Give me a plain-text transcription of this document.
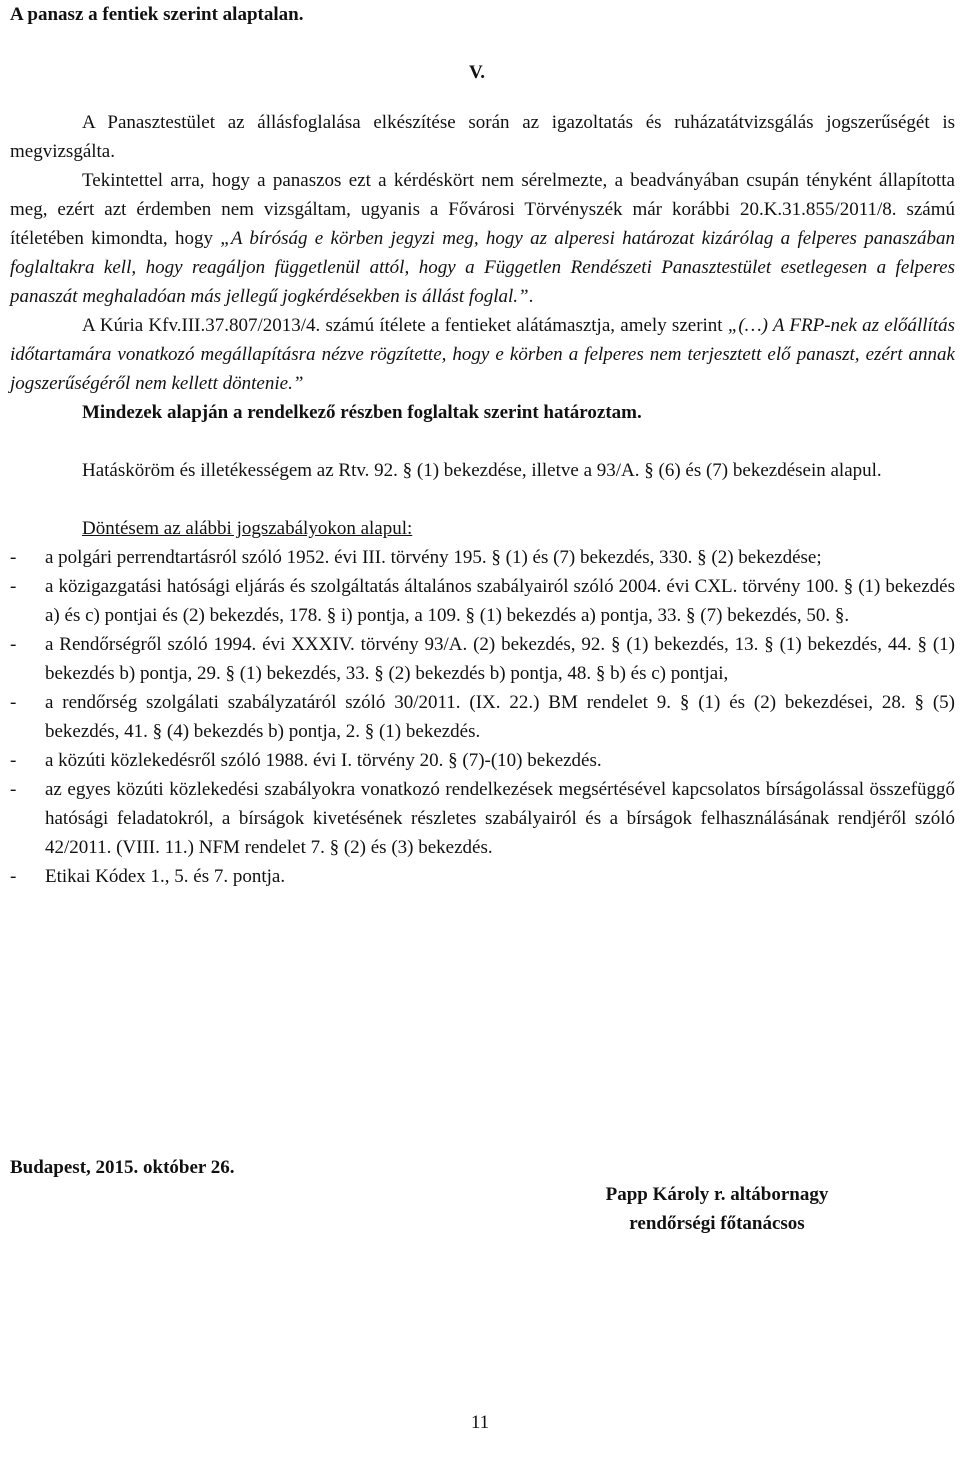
A panasz a fentiek szerint alaptalan.

V.

A Panasztestület az állásfoglalása elkészítése során az igazoltatás és ruházatátvizsgálás jogszerűségét is megvizsgálta.

Tekintettel arra, hogy a panaszos ezt a kérdéskört nem sérelmezte, a beadványában csupán tényként állapította meg, ezért azt érdemben nem vizsgáltam, ugyanis a Fővárosi Törvényszék már korábbi 20.K.31.855/2011/8. számú ítéletében kimondta, hogy „A bíróság e körben jegyzi meg, hogy az alperesi határozat kizárólag a felperes panaszában foglaltakra kell, hogy reagáljon függetlenül attól, hogy a Független Rendészeti Panasztestület esetlegesen a felperes panaszát meghaladóan más jellegű jogkérdésekben is állást foglal.”.

A Kúria Kfv.III.37.807/2013/4. számú ítélete a fentieket alátámasztja, amely szerint „(…) A FRP-nek az előállítás időtartamára vonatkozó megállapításra nézve rögzítette, hogy e körben a felperes nem terjesztett elő panaszt, ezért annak jogszerűségéről nem kellett döntenie.”

Mindezek alapján a rendelkező részben foglaltak szerint határoztam.

Hatásköröm és illetékességem az Rtv. 92. § (1) bekezdése, illetve a 93/A. § (6) és (7) bekezdésein alapul.

Döntésem az alábbi jogszabályokon alapul:

- a polgári perrendtartásról szóló 1952. évi III. törvény 195. § (1) és (7) bekezdés, 330. § (2) bekezdése;
- a közigazgatási hatósági eljárás és szolgáltatás általános szabályairól szóló 2004. évi CXL. törvény 100. § (1) bekezdés a) és c) pontjai és (2) bekezdés, 178. § i) pontja, a 109. § (1) bekezdés a) pontja, 33. § (7) bekezdés, 50. §.
- a Rendőrségről szóló 1994. évi XXXIV. törvény 93/A. (2) bekezdés, 92. § (1) bekezdés, 13. § (1) bekezdés, 44. § (1) bekezdés b) pontja, 29. § (1) bekezdés, 33. § (2) bekezdés b) pontja, 48. § b) és c) pontjai,
- a rendőrség szolgálati szabályzatáról szóló 30/2011. (IX. 22.) BM rendelet 9. § (1) és (2) bekezdései, 28. § (5) bekezdés, 41. § (4) bekezdés b) pontja, 2. § (1) bekezdés.
- a közúti közlekedésről szóló 1988. évi I. törvény 20. § (7)-(10) bekezdés.
- az egyes közúti közlekedési szabályokra vonatkozó rendelkezések megsértésével kapcsolatos bírságolással összefüggő hatósági feladatokról, a bírságok kivetésének részletes szabályairól és a bírságok felhasználásának rendjéről szóló 42/2011. (VIII. 11.) NFM rendelet 7. § (2) és (3) bekezdés.
- Etikai Kódex 1., 5. és 7. pontja.

Budapest, 2015. október 26.

Papp Károly r. altábornagy
rendőrségi főtanácsos
11
